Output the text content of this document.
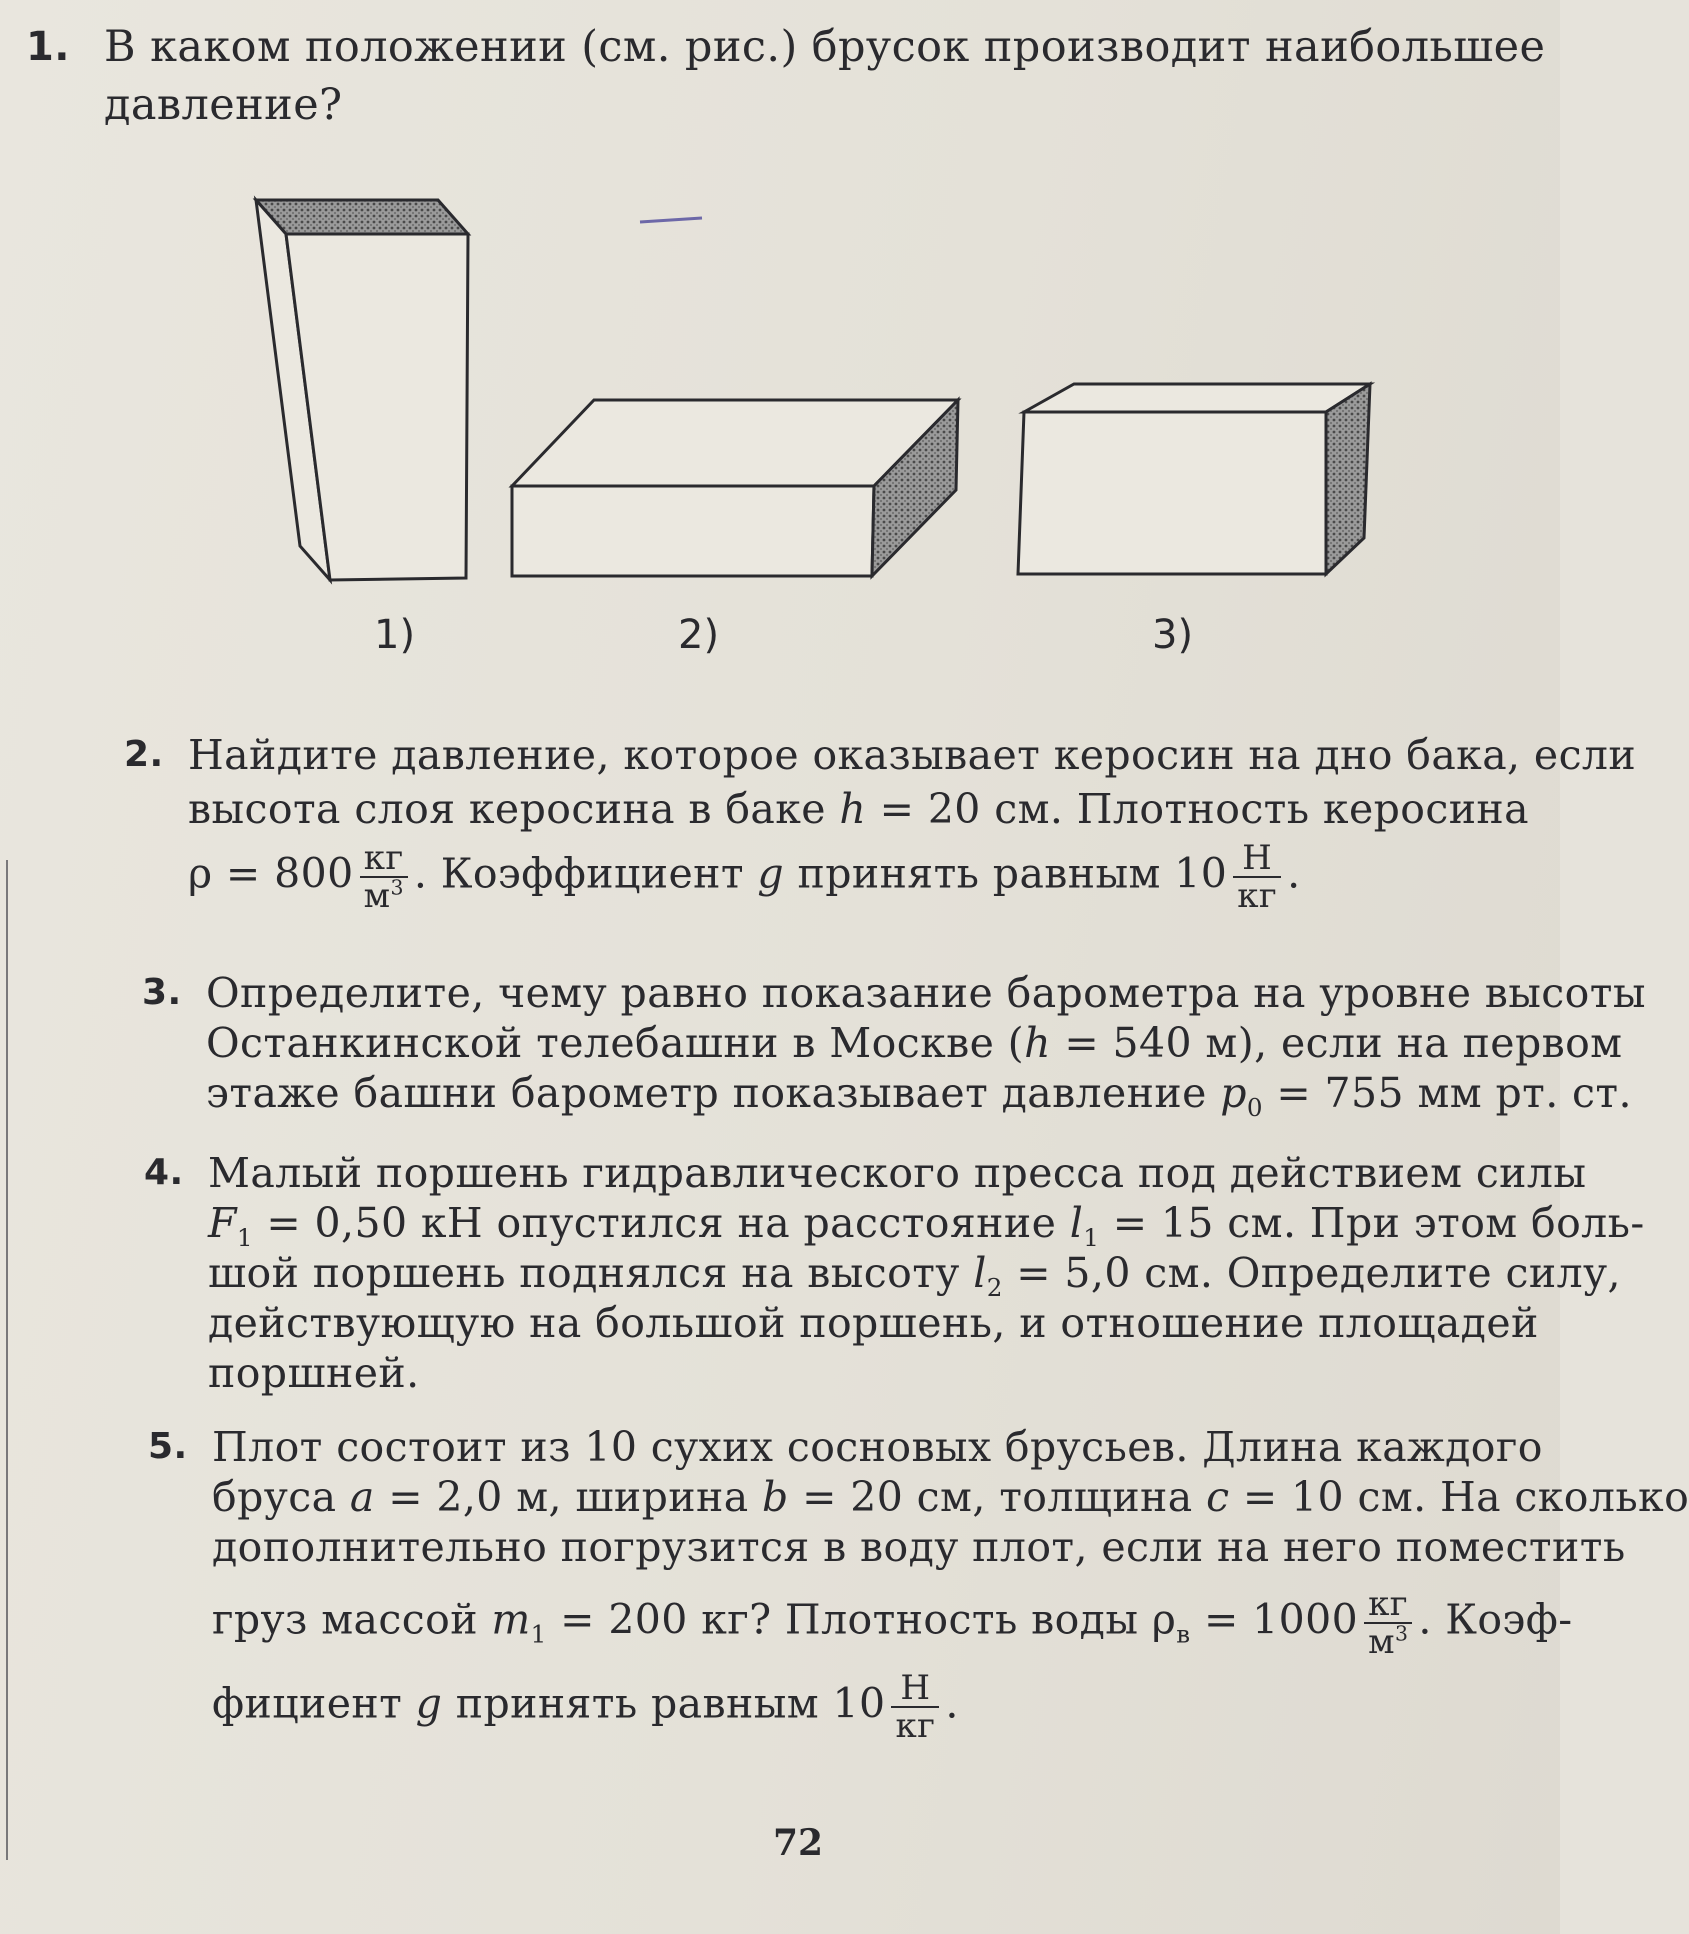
1. В каком положении (см. рис.) брусок производит наибольшее
давление?
1)	2)	3)
2. Найдите давление, которое оказывает керосин на дно бака, если
высота слоя керосина в баке h = 20 см. Плотность керосина
$\rho = 800 \frac{кг}{м^3}$ . Коэффициент g принять равным $10 \frac{Н}{кг}$ .
3. Определите, чему равно показание барометра на уровне высоты
Останкинской телебашни в Москве (h = 540 м), если на первом
этаже башни барометр показывает давление $p_0 = 755$ мм рт. ст.
4. Малый поршень гидравлического пресса под действием силы
$F_1 = 0,50$ кН опустился на расстояние $l_1 = 15$ см. При этом боль-
шой поршень поднялся на высоту $l_2 = 5,0$ см. Определите силу,
действующую на большой поршень, и отношение площадей
поршней.
5. Плот состоит из 10 сухих сосновых брусьев. Длина каждого
бруса a = 2,0 м, ширина b = 20 см, толщина c = 10 см. На сколько
дополнительно погрузится в воду плот, если на него поместить
груз массой $m_1 = 200$ кг? Плотность воды $\rho_в = 1000 \frac{кг}{м^3}$ . Коэф-
фициент g принять равным $10 \frac{Н}{кг}$ .
72
